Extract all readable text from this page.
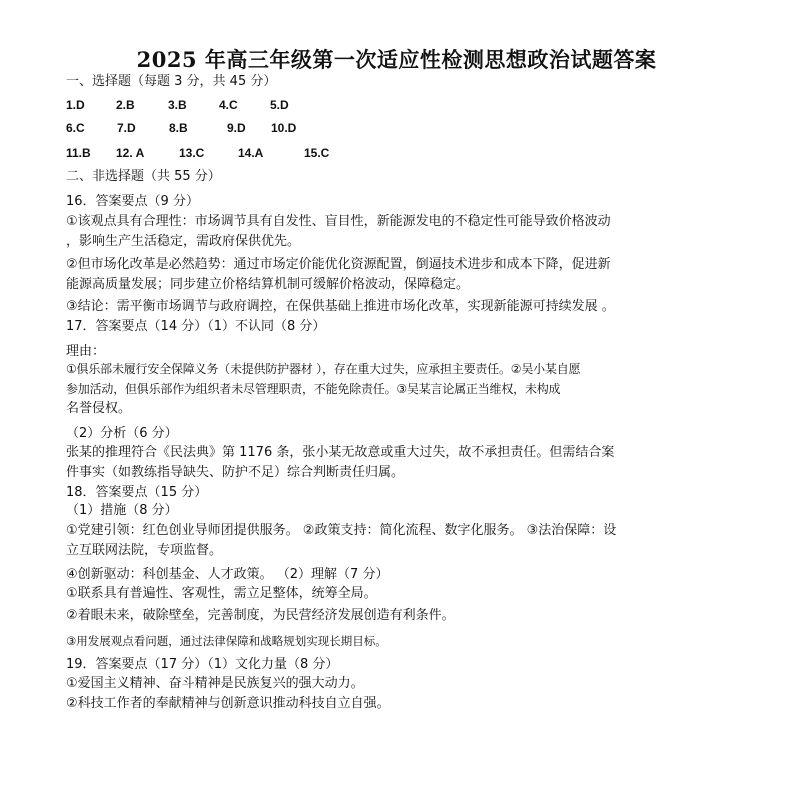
2025 年高三年级第一次适应性检测思想政治试题答案
一、选择题（每题 3 分，共 45 分）
1.D	2.B	3.B	4.C	5.D
6.C	7.D	8.B	9.D 10.D
11.B 12. A	13.C	14.A	15.C
二、非选择题（共 55 分）
16．答案要点（9 分）
①该观点具有合理性：市场调节具有自发性、盲目性，新能源发电的不稳定性可能导致价格波动
，影响生产生活稳定，需政府保供优先。
②但市场化改革是必然趋势：通过市场定价能优化资源配置，倒逼技术进步和成本下降，促进新
能源高质量发展；同步建立价格结算机制可缓解价格波动，保障稳定。
③结论：需平衡市场调节与政府调控，在保供基础上推进市场化改革，实现新能源可持续发展 。
17．答案要点（14 分）（1）不认同（8 分）
理由：
①俱乐部未履行安全保障义务（未提供防护器材 ），存在重大过失，应承担主要责任。②吴小某自愿
参加活动，但俱乐部作为组织者未尽管理职责，不能免除责任。③吴某言论属正当维权，未构成
名誉侵权。
（2）分析（6 分）
张某的推理符合《民法典》第 1176 条，张小某无故意或重大过失，故不承担责任。但需结合案
件事实（如教练指导缺失、防护不足）综合判断责任归属。
18．答案要点（15 分）
（1）措施（8 分）
①党建引领：红色创业导师团提供服务。 ②政策支持：简化流程、数字化服务。 ③法治保障：设
立互联网法院，专项监督。
④创新驱动：科创基金、人才政策。 （2）理解（7 分）
①联系具有普遍性、客观性，需立足整体，统筹全局。
②着眼未来，破除壁垒，完善制度，为民营经济发展创造有利条件。
③用发展观点看问题，通过法律保障和战略规划实现长期目标。
19．答案要点（17 分）（1）文化力量（8 分）
①爱国主义精神、奋斗精神是民族复兴的强大动力。
②科技工作者的奉献精神与创新意识推动科技自立自强。
